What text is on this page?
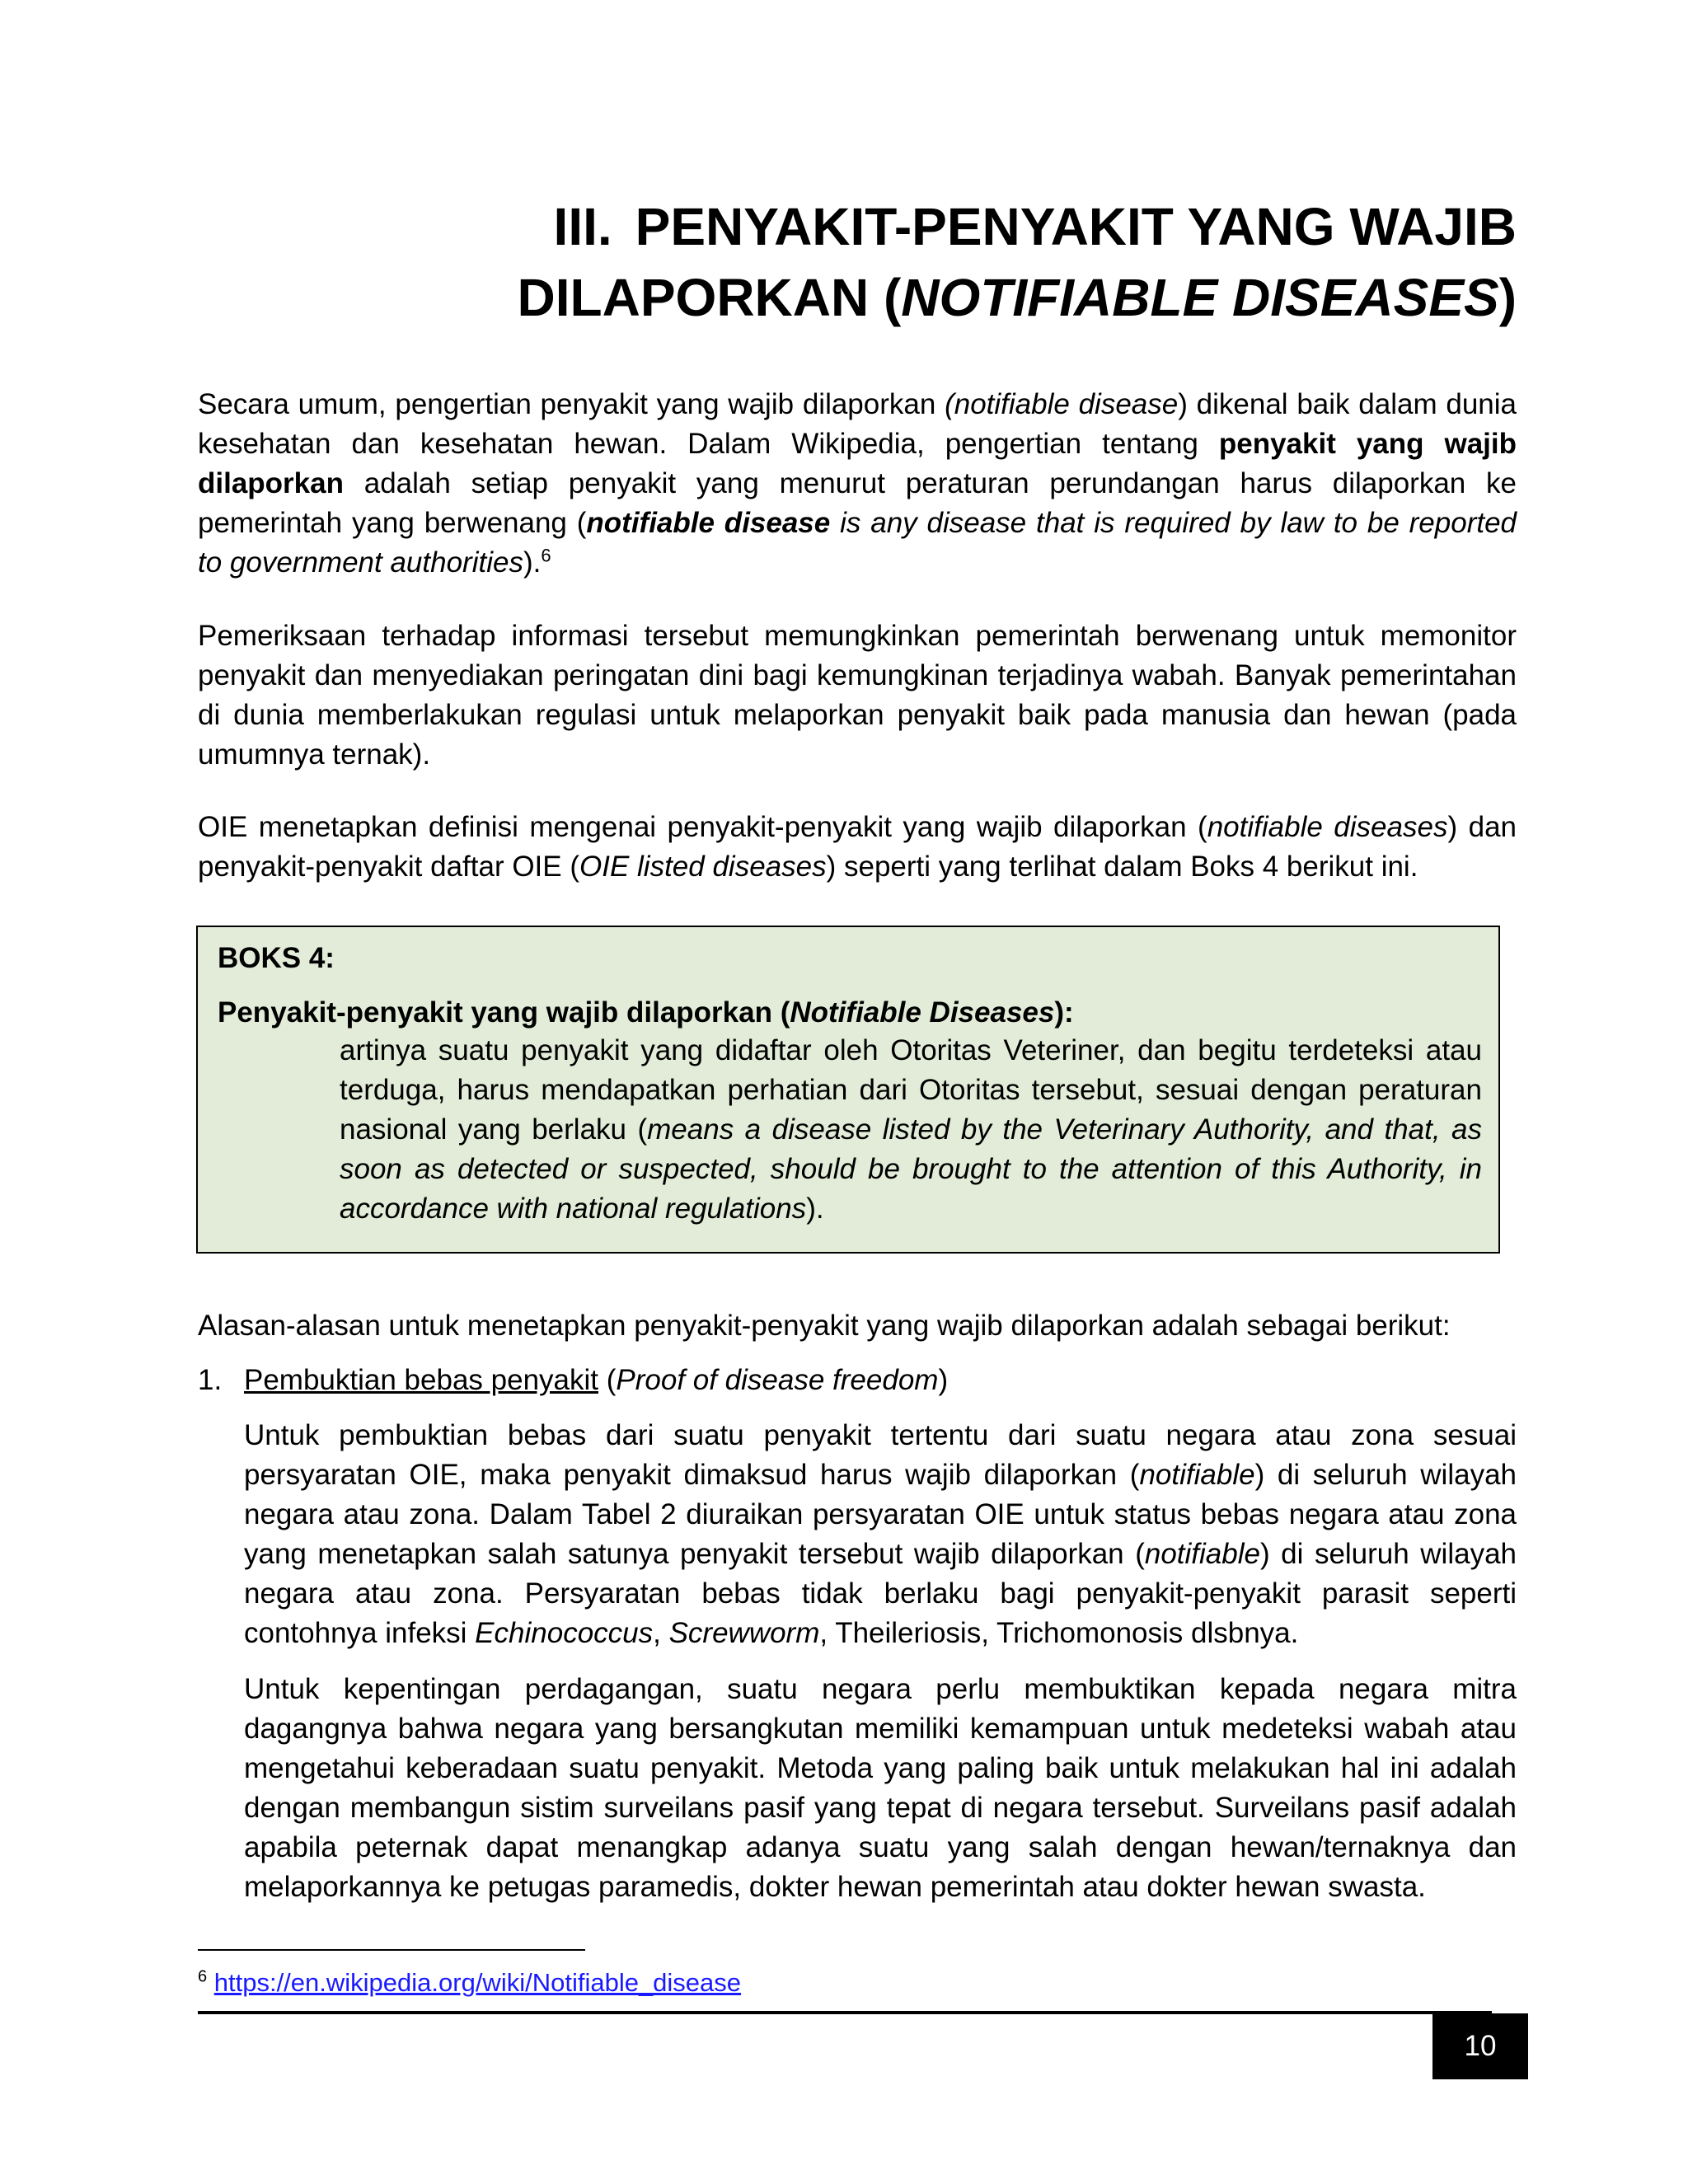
III. PENYAKIT-PENYAKIT YANG WAJIB
DILAPORKAN (NOTIFIABLE DISEASES)

Secara umum, pengertian penyakit yang wajib dilaporkan (notifiable disease) dikenal baik dalam dunia kesehatan dan kesehatan hewan. Dalam Wikipedia, pengertian tentang penyakit yang wajib dilaporkan adalah setiap penyakit yang menurut peraturan perundangan harus dilaporkan ke pemerintah yang berwenang (notifiable disease is any disease that is required by law to be reported to government authorities).$^6$

Pemeriksaan terhadap informasi tersebut memungkinkan pemerintah berwenang untuk memonitor penyakit dan menyediakan peringatan dini bagi kemungkinan terjadinya wabah. Banyak pemerintahan di dunia memberlakukan regulasi untuk melaporkan penyakit baik pada manusia dan hewan (pada umumnya ternak).

OIE menetapkan definisi mengenai penyakit-penyakit yang wajib dilaporkan (notifiable diseases) dan penyakit-penyakit daftar OIE (OIE listed diseases) seperti yang terlihat dalam Boks 4 berikut ini.

BOKS 4:
Penyakit-penyakit yang wajib dilaporkan (Notifiable Diseases):
artinya suatu penyakit yang didaftar oleh Otoritas Veteriner, dan begitu terdeteksi atau terduga, harus mendapatkan perhatian dari Otoritas tersebut, sesuai dengan peraturan nasional yang berlaku (means a disease listed by the Veterinary Authority, and that, as soon as detected or suspected, should be brought to the attention of this Authority, in accordance with national regulations).

Alasan-alasan untuk menetapkan penyakit-penyakit yang wajib dilaporkan adalah sebagai berikut:

1. Pembuktian bebas penyakit (Proof of disease freedom)

Untuk pembuktian bebas dari suatu penyakit tertentu dari suatu negara atau zona sesuai persyaratan OIE, maka penyakit dimaksud harus wajib dilaporkan (notifiable) di seluruh wilayah negara atau zona. Dalam Tabel 2 diuraikan persyaratan OIE untuk status bebas negara atau zona yang menetapkan salah satunya penyakit tersebut wajib dilaporkan (notifiable) di seluruh wilayah negara atau zona. Persyaratan bebas tidak berlaku bagi penyakit-penyakit parasit seperti contohnya infeksi Echinococcus, Screwworm, Theileriosis, Trichomonosis dlsbnya.

Untuk kepentingan perdagangan, suatu negara perlu membuktikan kepada negara mitra dagangnya bahwa negara yang bersangkutan memiliki kemampuan untuk medeteksi wabah atau mengetahui keberadaan suatu penyakit. Metoda yang paling baik untuk melakukan hal ini adalah dengan membangun sistim surveilans pasif yang tepat di negara tersebut. Surveilans pasif adalah apabila peternak dapat menangkap adanya suatu yang salah dengan hewan/ternaknya dan melaporkannya ke petugas paramedis, dokter hewan pemerintah atau dokter hewan swasta.

$^6$ https://en.wikipedia.org/wiki/Notifiable_disease
10
